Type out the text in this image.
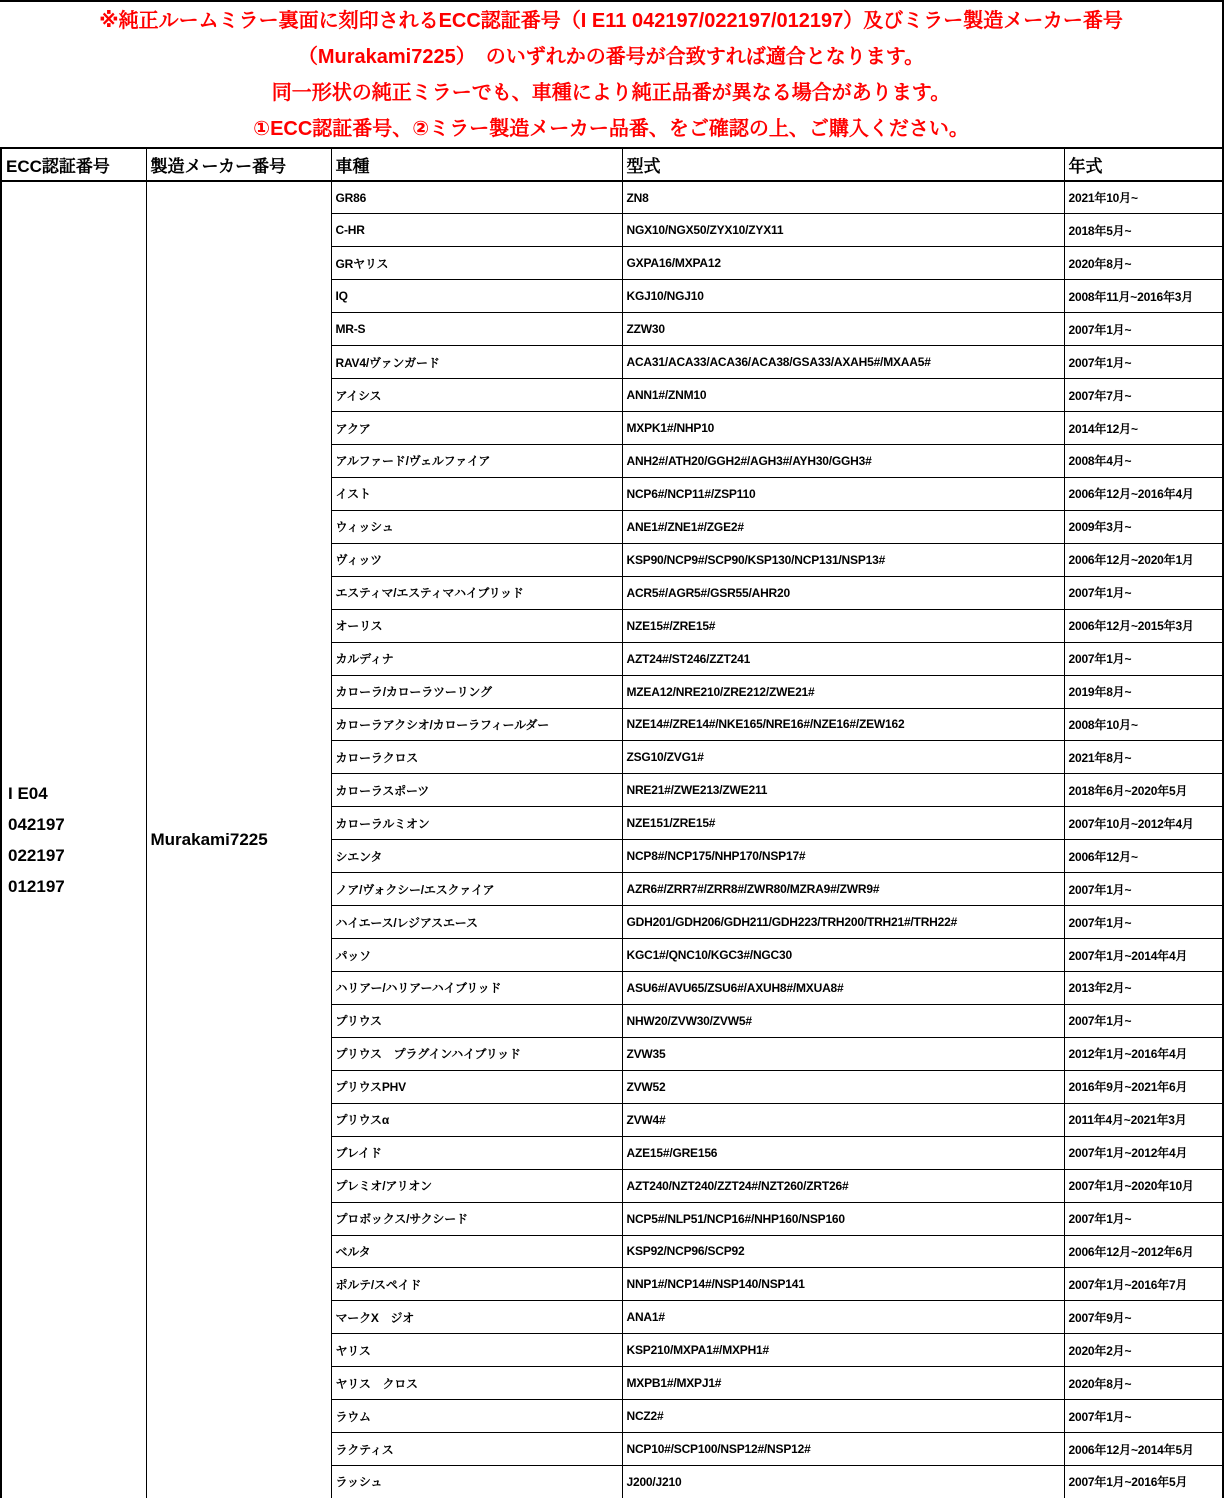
※純正ルームミラー裏面に刻印されるECC認証番号（I E11 042197/022197/012197）及びミラー製造メーカー番号
（Murakami7225）　のいずれかの番号が合致すれば適合となります。
同一形状の純正ミラーでも、車種により純正品番が異なる場合があります。
①ECC認証番号、②ミラー製造メーカー品番、をご確認の上、ご購入ください。
ECC認証番号	製造メーカー番号	車種	型式	年式

I E04
042197
022197
012197	Murakami7225	GR86	ZN8	2021年10月~
		C-HR	NGX10/NGX50/ZYX10/ZYX11	2018年5月~
		GRヤリス	GXPA16/MXPA12	2020年8月~
		IQ	KGJ10/NGJ10	2008年11月~2016年3月
		MR-S	ZZW30	2007年1月~
		RAV4/ヴァンガード	ACA31/ACA33/ACA36/ACA38/GSA33/AXAH5#/MXAA5#	2007年1月~
		アイシス	ANN1#/ZNM10	2007年7月~
		アクア	MXPK1#/NHP10	2014年12月~
		アルファード/ヴェルファイア	ANH2#/ATH20/GGH2#/AGH3#/AYH30/GGH3#	2008年4月~
		イスト	NCP6#/NCP11#/ZSP110	2006年12月~2016年4月
		ウィッシュ	ANE1#/ZNE1#/ZGE2#	2009年3月~
		ヴィッツ	KSP90/NCP9#/SCP90/KSP130/NCP131/NSP13#	2006年12月~2020年1月
		エスティマ/エスティマハイブリッド	ACR5#/AGR5#/GSR55/AHR20	2007年1月~
		オーリス	NZE15#/ZRE15#	2006年12月~2015年3月
		カルディナ	AZT24#/ST246/ZZT241	2007年1月~
		カローラ/カローラツーリング	MZEA12/NRE210/ZRE212/ZWE21#	2019年8月~
		カローラアクシオ/カローラフィールダー	NZE14#/ZRE14#/NKE165/NRE16#/NZE16#/ZEW162	2008年10月~
		カローラクロス	ZSG10/ZVG1#	2021年8月~
		カローラスポーツ	NRE21#/ZWE213/ZWE211	2018年6月~2020年5月
		カローラルミオン	NZE151/ZRE15#	2007年10月~2012年4月
		シエンタ	NCP8#/NCP175/NHP170/NSP17#	2006年12月~
		ノア/ヴォクシー/エスクァイア	AZR6#/ZRR7#/ZRR8#/ZWR80/MZRA9#/ZWR9#	2007年1月~
		ハイエース/レジアスエース	GDH201/GDH206/GDH211/GDH223/TRH200/TRH21#/TRH22#	2007年1月~
		パッソ	KGC1#/QNC10/KGC3#/NGC30	2007年1月~2014年4月
		ハリアー/ハリアーハイブリッド	ASU6#/AVU65/ZSU6#/AXUH8#/MXUA8#	2013年2月~
		プリウス	NHW20/ZVW30/ZVW5#	2007年1月~
		プリウス　プラグインハイブリッド	ZVW35	2012年1月~2016年4月
		プリウスPHV	ZVW52	2016年9月~2021年6月
		プリウスα	ZVW4#	2011年4月~2021年3月
		ブレイド	AZE15#/GRE156	2007年1月~2012年4月
		プレミオ/アリオン	AZT240/NZT240/ZZT24#/NZT260/ZRT26#	2007年1月~2020年10月
		プロボックス/サクシード	NCP5#/NLP51/NCP16#/NHP160/NSP160	2007年1月~
		ベルタ	KSP92/NCP96/SCP92	2006年12月~2012年6月
		ポルテ/スペイド	NNP1#/NCP14#/NSP140/NSP141	2007年1月~2016年7月
		マークX　ジオ	ANA1#	2007年9月~
		ヤリス	KSP210/MXPA1#/MXPH1#	2020年2月~
		ヤリス　クロス	MXPB1#/MXPJ1#	2020年8月~
		ラウム	NCZ2#	2007年1月~
		ラクティス	NCP10#/SCP100/NSP12#/NSP12#	2006年12月~2014年5月
		ラッシュ	J200/J210	2007年1月~2016年5月
